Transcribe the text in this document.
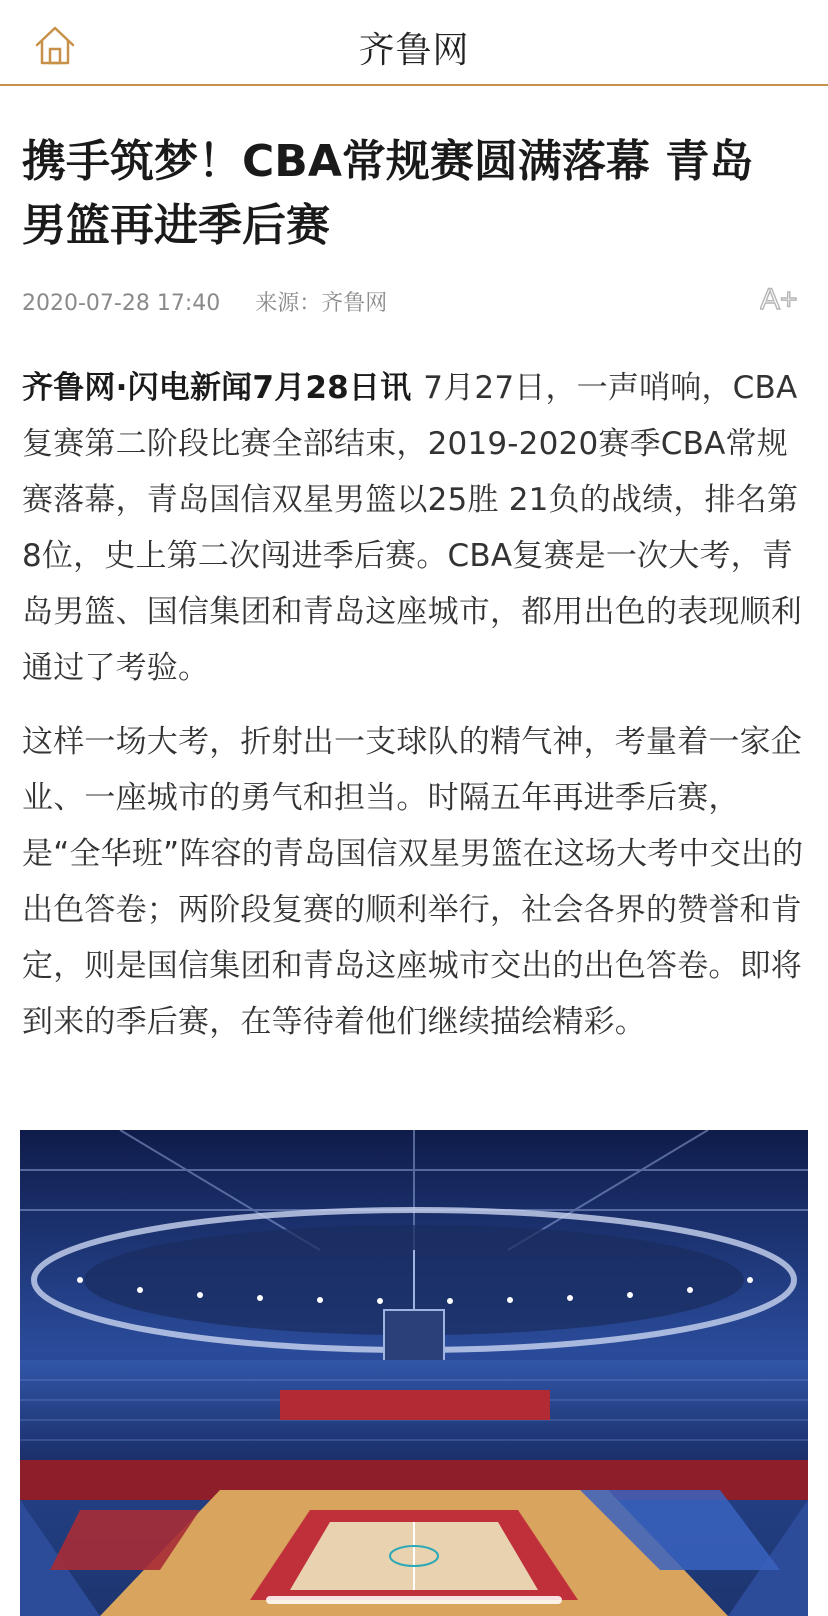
齐鲁网
携手筑梦！CBA常规赛圆满落幕 青岛男篮再进季后赛
2020-07-28 17:40 来源：齐鲁网	A+

齐鲁网·闪电新闻7月28日讯 7月27日，一声哨响，CBA复赛第二阶段比赛全部结束，2019-2020赛季CBA常规赛落幕，青岛国信双星男篮以25胜 21负的战绩，排名第8位，史上第二次闯进季后赛。CBA复赛是一次大考，青岛男篮、国信集团和青岛这座城市，都用出色的表现顺利通过了考验。

这样一场大考，折射出一支球队的精气神，考量着一家企业、一座城市的勇气和担当。时隔五年再进季后赛，是“全华班”阵容的青岛国信双星男篮在这场大考中交出的出色答卷；两阶段复赛的顺利举行，社会各界的赞誉和肯定，则是国信集团和青岛这座城市交出的出色答卷。即将到来的季后赛，在等待着他们继续描绘精彩。
